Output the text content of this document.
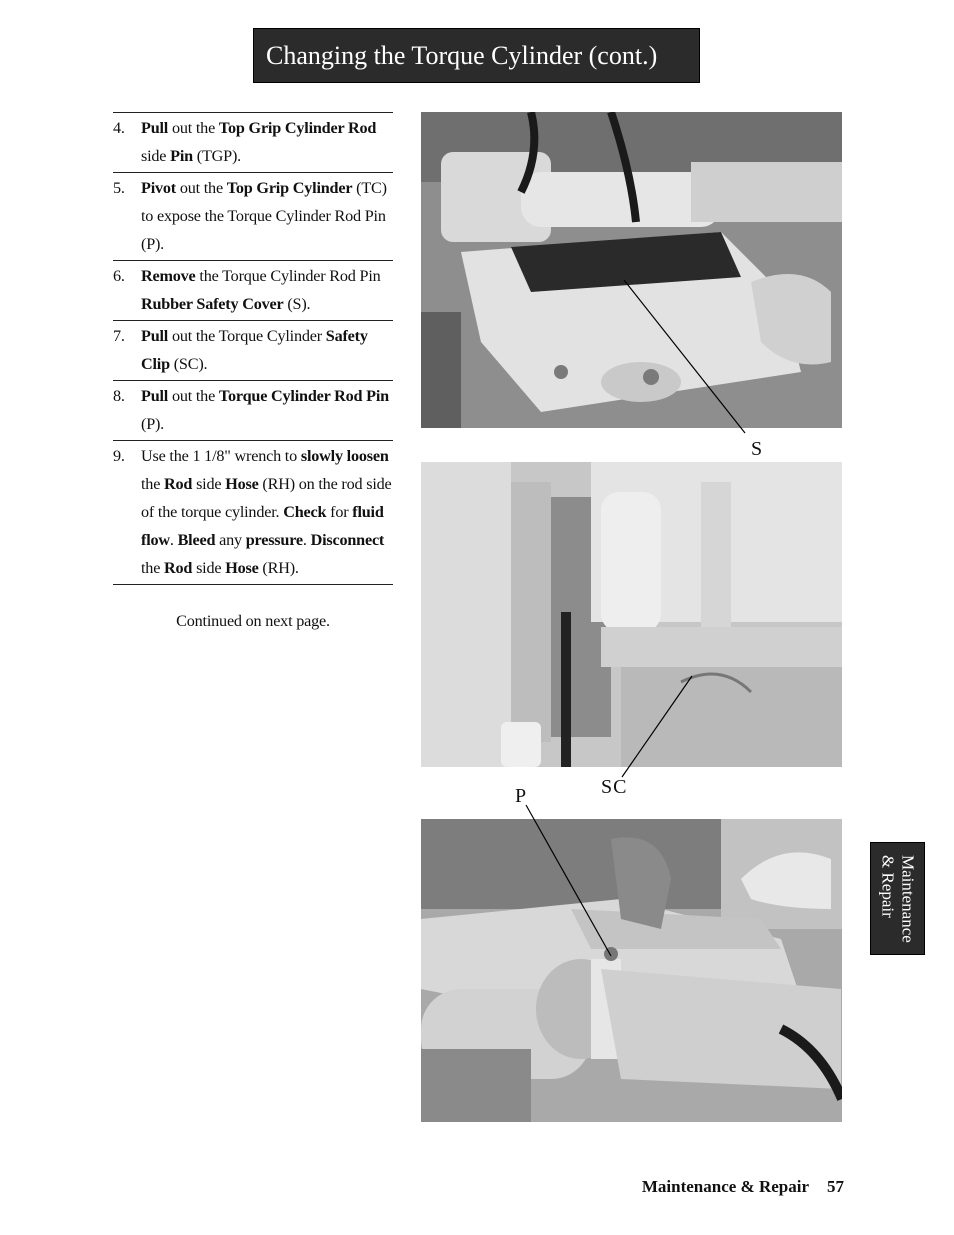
Changing the Torque Cylinder (cont.)
4.	Pull out the Top Grip Cylinder Rod side Pin (TGP).
5.	Pivot out the Top Grip Cylinder (TC) to expose the Torque Cylinder Rod Pin (P).
6.	Remove the Torque Cylinder Rod Pin Rubber Safety Cover (S).
7.	Pull out the Torque Cylinder Safety Clip (SC).
8.	Pull out the Torque Cylinder Rod Pin (P).
9.	Use the 1 1/8" wrench to slowly loosen the Rod side Hose (RH) on the rod side of the torque cylinder. Check for fluid flow. Bleed any pressure. Disconnect the Rod side Hose (RH).
Continued on next page.
S
SC
P
Maintenance
& Repair
Maintenance & Repair 57
